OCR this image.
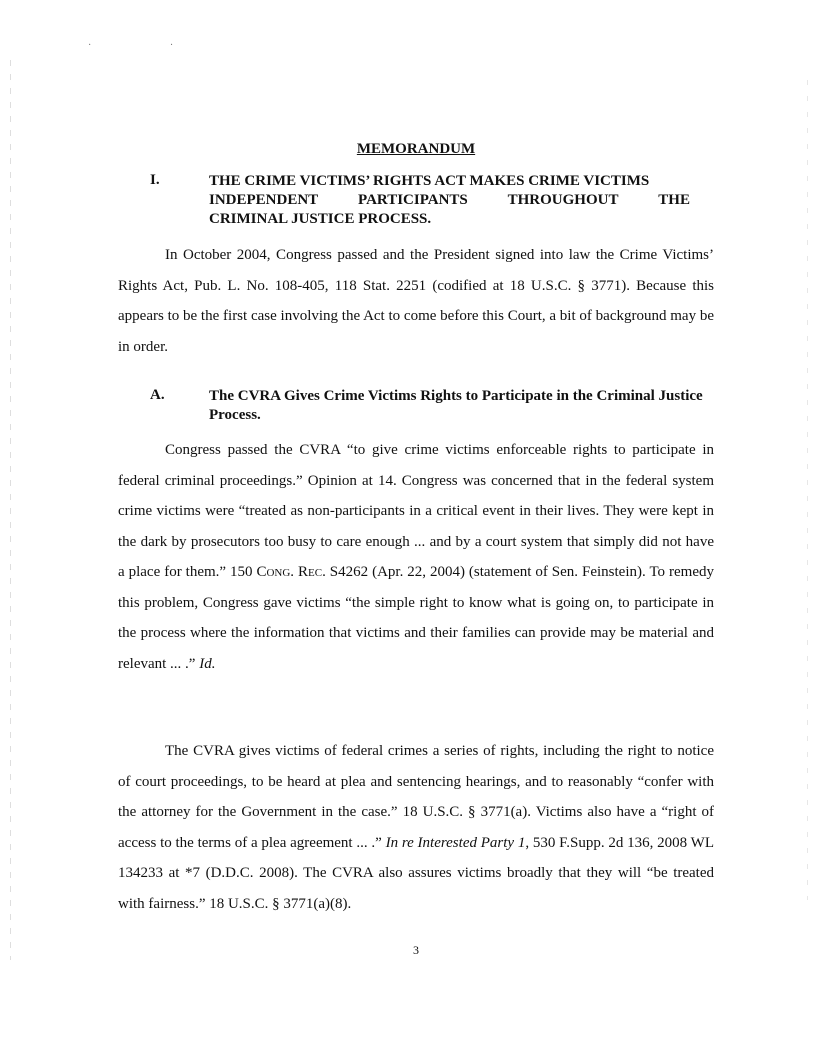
· ·
MEMORANDUM
I.	THE CRIME VICTIMS’ RIGHTS ACT MAKES CRIME VICTIMS
INDEPENDENT	PARTICIPANTS	THROUGHOUT	THE
CRIMINAL JUSTICE PROCESS.
In October 2004, Congress passed and the President signed into law the Crime Victims’ Rights Act, Pub. L. No. 108-405, 118 Stat. 2251 (codified at 18 U.S.C. § 3771). Because this appears to be the first case involving the Act to come before this Court, a bit of background may be in order.
A.	The CVRA Gives Crime Victims Rights to Participate in the Criminal Justice Process.
Congress passed the CVRA “to give crime victims enforceable rights to participate in federal criminal proceedings.” Opinion at 14. Congress was concerned that in the federal system crime victims were “treated as non-participants in a critical event in their lives. They were kept in the dark by prosecutors too busy to care enough ... and by a court system that simply did not have a place for them.” 150 Cong. Rec. S4262 (Apr. 22, 2004) (statement of Sen. Feinstein). To remedy this problem, Congress gave victims “the simple right to know what is going on, to participate in the process where the information that victims and their families can provide may be material and relevant ... .” Id.
The CVRA gives victims of federal crimes a series of rights, including the right to notice of court proceedings, to be heard at plea and sentencing hearings, and to reasonably “confer with the attorney for the Government in the case.” 18 U.S.C. § 3771(a). Victims also have a “right of access to the terms of a plea agreement ... .” In re Interested Party 1, 530 F.Supp. 2d 136, 2008 WL 134233 at *7 (D.D.C. 2008). The CVRA also assures victims broadly that they will “be treated with fairness.” 18 U.S.C. § 3771(a)(8).
3
